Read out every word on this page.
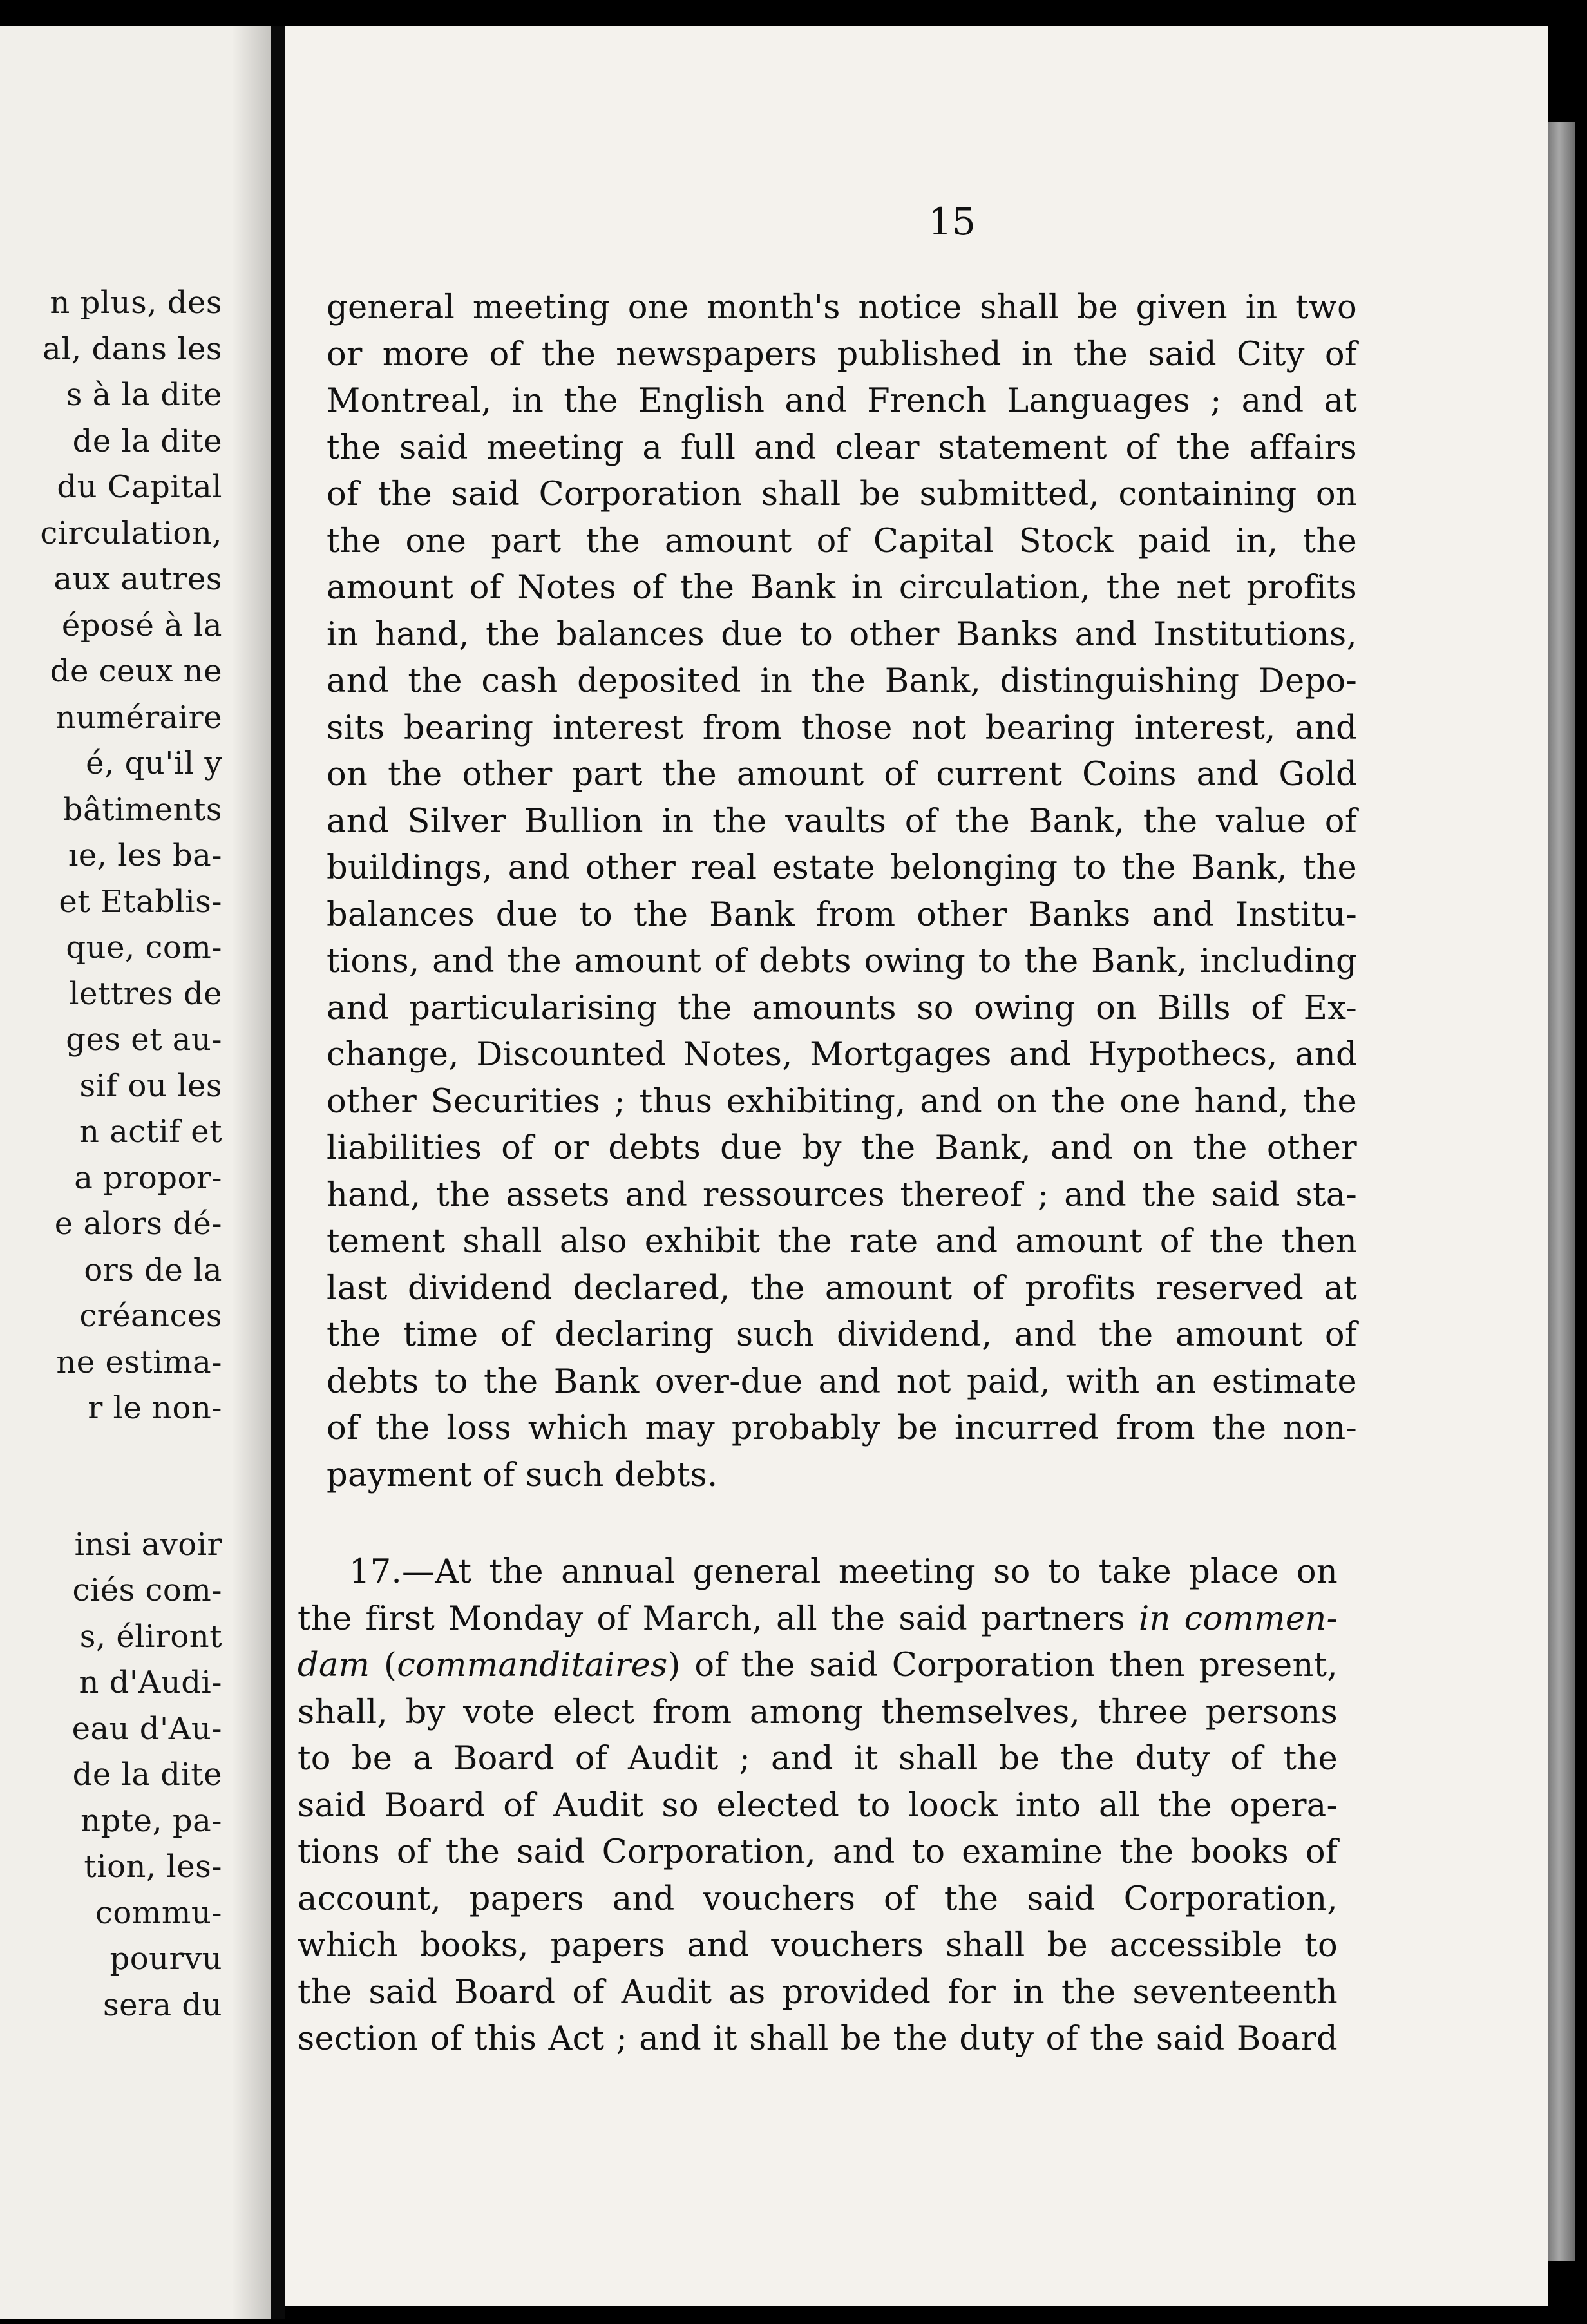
n plus, des
al, dans les
s à la dite
de la dite
du Capital
circulation,
aux autres
éposé à la
de ceux ne
numéraire
é, qu'il y
bâtiments
ıe, les ba-
et Etablis-
que, com-
lettres de
ges et au-
sif ou les
n actif et
a propor-
e alors dé-
ors de la
créances
ne estima-
r le non-
insi avoir
ciés com-
s, éliront
n d'Audi-
eau d'Au-
de la dite
npte, pa-
tion, les-
commu-
pourvu
sera du
15
general meeting one month's notice shall be given in two
or more of the newspapers published in the said City of
Montreal, in the English and French Languages ; and at
the said meeting a full and clear statement of the affairs
of the said Corporation shall be submitted, containing on
the one part the amount of Capital Stock paid in, the
amount of Notes of the Bank in circulation, the net profits
in hand, the balances due to other Banks and Institutions,
and the cash deposited in the Bank, distinguishing Depo-
sits bearing interest from those not bearing interest, and
on the other part the amount of current Coins and Gold
and Silver Bullion in the vaults of the Bank, the value of
buildings, and other real estate belonging to the Bank, the
balances due to the Bank from other Banks and Institu-
tions, and the amount of debts owing to the Bank, including
and particularising the amounts so owing on Bills of Ex-
change, Discounted Notes, Mortgages and Hypothecs, and
other Securities ; thus exhibiting, and on the one hand, the
liabilities of or debts due by the Bank, and on the other
hand, the assets and ressources thereof ; and the said sta-
tement shall also exhibit the rate and amount of the then
last dividend declared, the amount of profits reserved at
the time of declaring such dividend, and the amount of
debts to the Bank over-due and not paid, with an estimate
of the loss which may probably be incurred from the non-
payment of such debts.
17.—At the annual general meeting so to take place on
the first Monday of March, all the said partners in commen-
dam (commanditaires) of the said Corporation then present,
shall, by vote elect from among themselves, three persons
to be a Board of Audit ; and it shall be the duty of the
said Board of Audit so elected to loock into all the opera-
tions of the said Corporation, and to examine the books of
account, papers and vouchers of the said Corporation,
which books, papers and vouchers shall be accessible to
the said Board of Audit as provided for in the seventeenth
section of this Act ; and it shall be the duty of the said Board
